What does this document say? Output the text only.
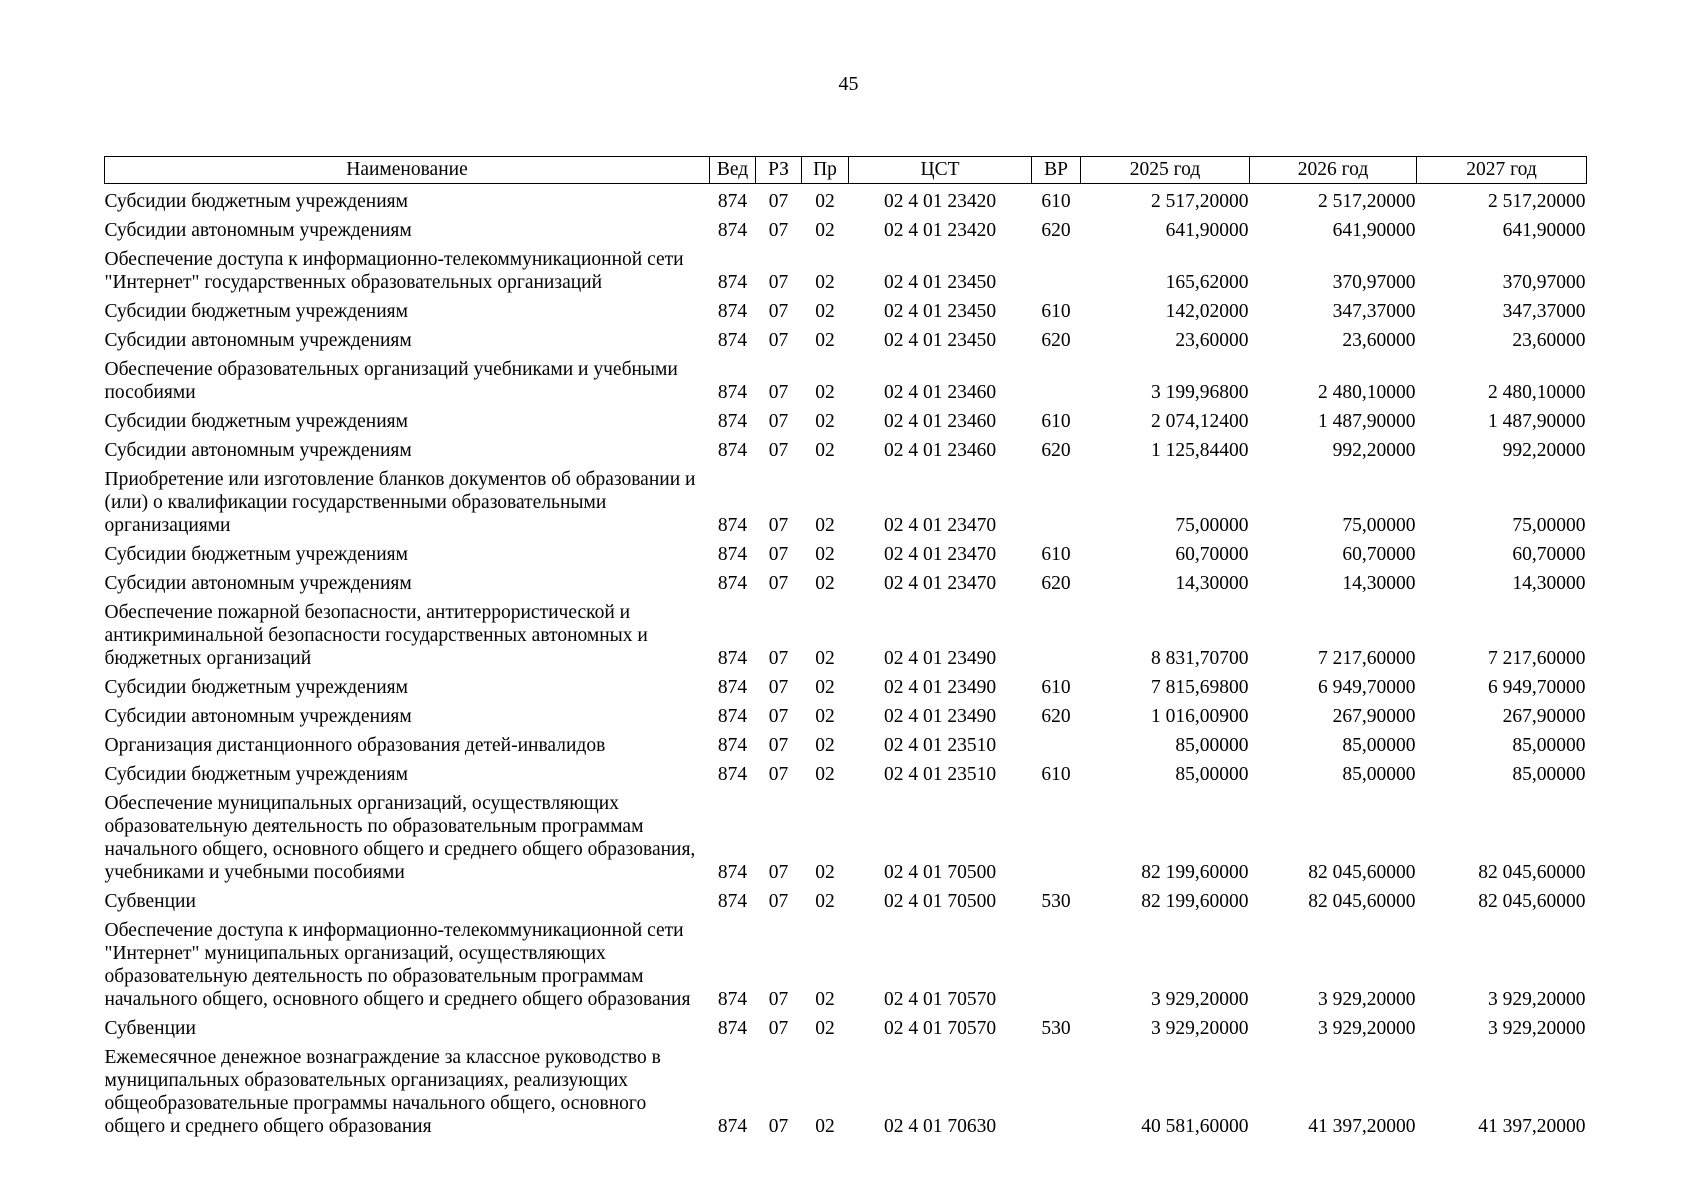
45
Наименование	Вед	РЗ	Пр	ЦСТ	ВР	2025 год	2026 год	2027 год
Субсидии бюджетным учреждениям	874	07	02	02 4 01 23420	610	2 517,20000	2 517,20000	2 517,20000
Субсидии автономным учреждениям	874	07	02	02 4 01 23420	620	641,90000	641,90000	641,90000
Обеспечение доступа к информационно-телекоммуникационной сети "Интернет" государственных образовательных организаций	874	07	02	02 4 01 23450		165,62000	370,97000	370,97000
Субсидии бюджетным учреждениям	874	07	02	02 4 01 23450	610	142,02000	347,37000	347,37000
Субсидии автономным учреждениям	874	07	02	02 4 01 23450	620	23,60000	23,60000	23,60000
Обеспечение образовательных организаций учебниками и учебными пособиями	874	07	02	02 4 01 23460		3 199,96800	2 480,10000	2 480,10000
Субсидии бюджетным учреждениям	874	07	02	02 4 01 23460	610	2 074,12400	1 487,90000	1 487,90000
Субсидии автономным учреждениям	874	07	02	02 4 01 23460	620	1 125,84400	992,20000	992,20000
Приобретение или изготовление бланков документов об образовании и (или) о квалификации государственными образовательными организациями	874	07	02	02 4 01 23470		75,00000	75,00000	75,00000
Субсидии бюджетным учреждениям	874	07	02	02 4 01 23470	610	60,70000	60,70000	60,70000
Субсидии автономным учреждениям	874	07	02	02 4 01 23470	620	14,30000	14,30000	14,30000
Обеспечение пожарной безопасности, антитеррористической и антикриминальной безопасности государственных автономных и бюджетных организаций	874	07	02	02 4 01 23490		8 831,70700	7 217,60000	7 217,60000
Субсидии бюджетным учреждениям	874	07	02	02 4 01 23490	610	7 815,69800	6 949,70000	6 949,70000
Субсидии автономным учреждениям	874	07	02	02 4 01 23490	620	1 016,00900	267,90000	267,90000
Организация дистанционного образования детей-инвалидов	874	07	02	02 4 01 23510		85,00000	85,00000	85,00000
Субсидии бюджетным учреждениям	874	07	02	02 4 01 23510	610	85,00000	85,00000	85,00000
Обеспечение муниципальных организаций, осуществляющих образовательную деятельность по образовательным программам начального общего, основного общего и среднего общего образования, учебниками и учебными пособиями	874	07	02	02 4 01 70500		82 199,60000	82 045,60000	82 045,60000
Субвенции	874	07	02	02 4 01 70500	530	82 199,60000	82 045,60000	82 045,60000
Обеспечение доступа к информационно-телекоммуникационной сети "Интернет" муниципальных организаций, осуществляющих образовательную деятельность по образовательным программам начального общего, основного общего и среднего общего образования	874	07	02	02 4 01 70570		3 929,20000	3 929,20000	3 929,20000
Субвенции	874	07	02	02 4 01 70570	530	3 929,20000	3 929,20000	3 929,20000
Ежемесячное денежное вознаграждение за классное руководство в муниципальных образовательных организациях, реализующих общеобразовательные программы начального общего, основного общего и среднего общего образования	874	07	02	02 4 01 70630		40 581,60000	41 397,20000	41 397,20000
